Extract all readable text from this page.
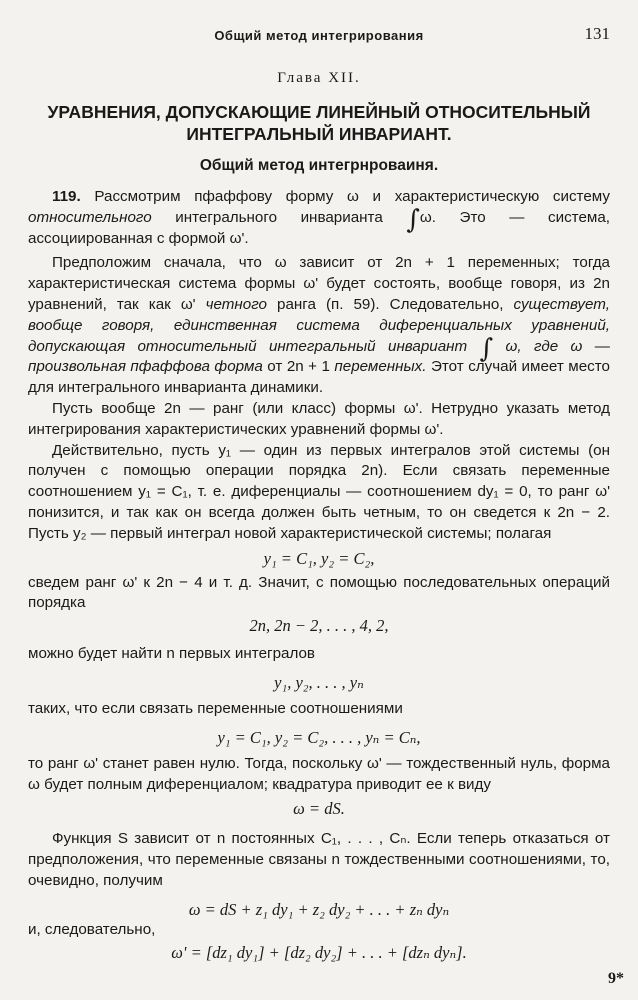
Общий метод интегрирования	131
Глава XII.
УРАВНЕНИЯ, ДОПУСКАЮЩИЕ ЛИНЕЙНЫЙ ОТНОСИТЕЛЬНЫЙ
ИНТЕГРАЛЬНЫЙ ИНВАРИАНТ.
Общий метод интегрнроваиня.

119. Рассмотрим пфаффову форму ω и характеристическую систему относительного интегрального инварианта ∫ω. Это — система, ассоциированная с формой ω'.

Предположим сначала, что ω зависит от 2n + 1 переменных; тогда характеристическая система формы ω' будет состоять, вообще говоря, из 2n уравнений, так как ω' четного ранга (п. 59). Следовательно, существует, вообще говоря, единственная система диференциальных уравнений, допускающая относительный интегральный инвариант ∫ ω, где ω — произвольная пфаффова форма от 2n + 1 переменных. Этот случай имеет место для интегрального инварианта динамики.

Пусть вообще 2n — ранг (или класс) формы ω'. Нетрудно указать метод интегрирования характеристических уравнений формы ω'.

Действительно, пусть y₁ — один из первых интегралов этой системы (он получен с помощью операции порядка 2n). Если связать переменные соотношением y₁ = C₁, т. е. диференциалы — соотношением dy₁ = 0, то ранг ω' понизится, и так как он всегда должен быть четным, то он сведется к 2n − 2. Пусть y₂ — первый интеграл новой характеристической системы; полагая

y₁ = C₁, y₂ = C₂,

сведем ранг ω' к 2n − 4 и т. д. Значит, с помощью последовательных операций порядка

2n, 2n − 2, . . . , 4, 2,

можно будет найти n первых интегралов

y₁, y₂, . . . , yₙ

таких, что если связать переменные соотношениями

y₁ = C₁, y₂ = C₂, . . . , yₙ = Cₙ,

то ранг ω' станет равен нулю. Тогда, поскольку ω' — тождественный нуль, форма ω будет полным диференциалом; квадратура приводит ее к виду

ω = dS.

Функция S зависит от n постоянных C₁, . . . , Cₙ. Если теперь отказаться от предположения, что переменные связаны n тождественными соотношениями, то, очевидно, получим

ω = dS + z₁ dy₁ + z₂ dy₂ + . . . + zₙ dyₙ

и, следовательно,

ω' = [dz₁ dy₁] + [dz₂ dy₂] + . . . + [dzₙ dyₙ].

9*
